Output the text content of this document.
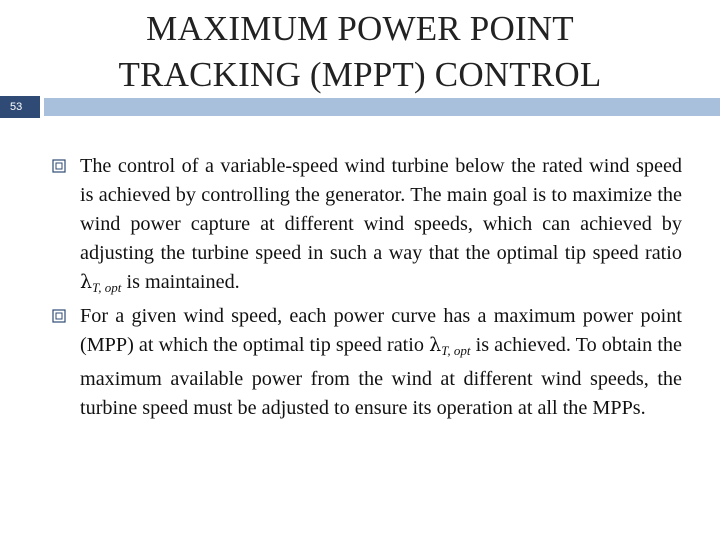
MAXIMUM POWER POINT
TRACKING (MPPT) CONTROL
53
The control of a variable-speed wind turbine below the rated wind speed is achieved by controlling the generator. The main goal is to maximize the wind power capture at different wind speeds, which can achieved by adjusting the turbine speed in such a way that the optimal tip speed ratio $\lambda_{T, opt}$ is maintained.
For a given wind speed, each power curve has a maximum power point (MPP) at which the optimal tip speed ratio $\lambda_{T, opt}$ is achieved. To obtain the maximum available power from the wind at different wind speeds, the turbine speed must be adjusted to ensure its operation at all the MPPs.
